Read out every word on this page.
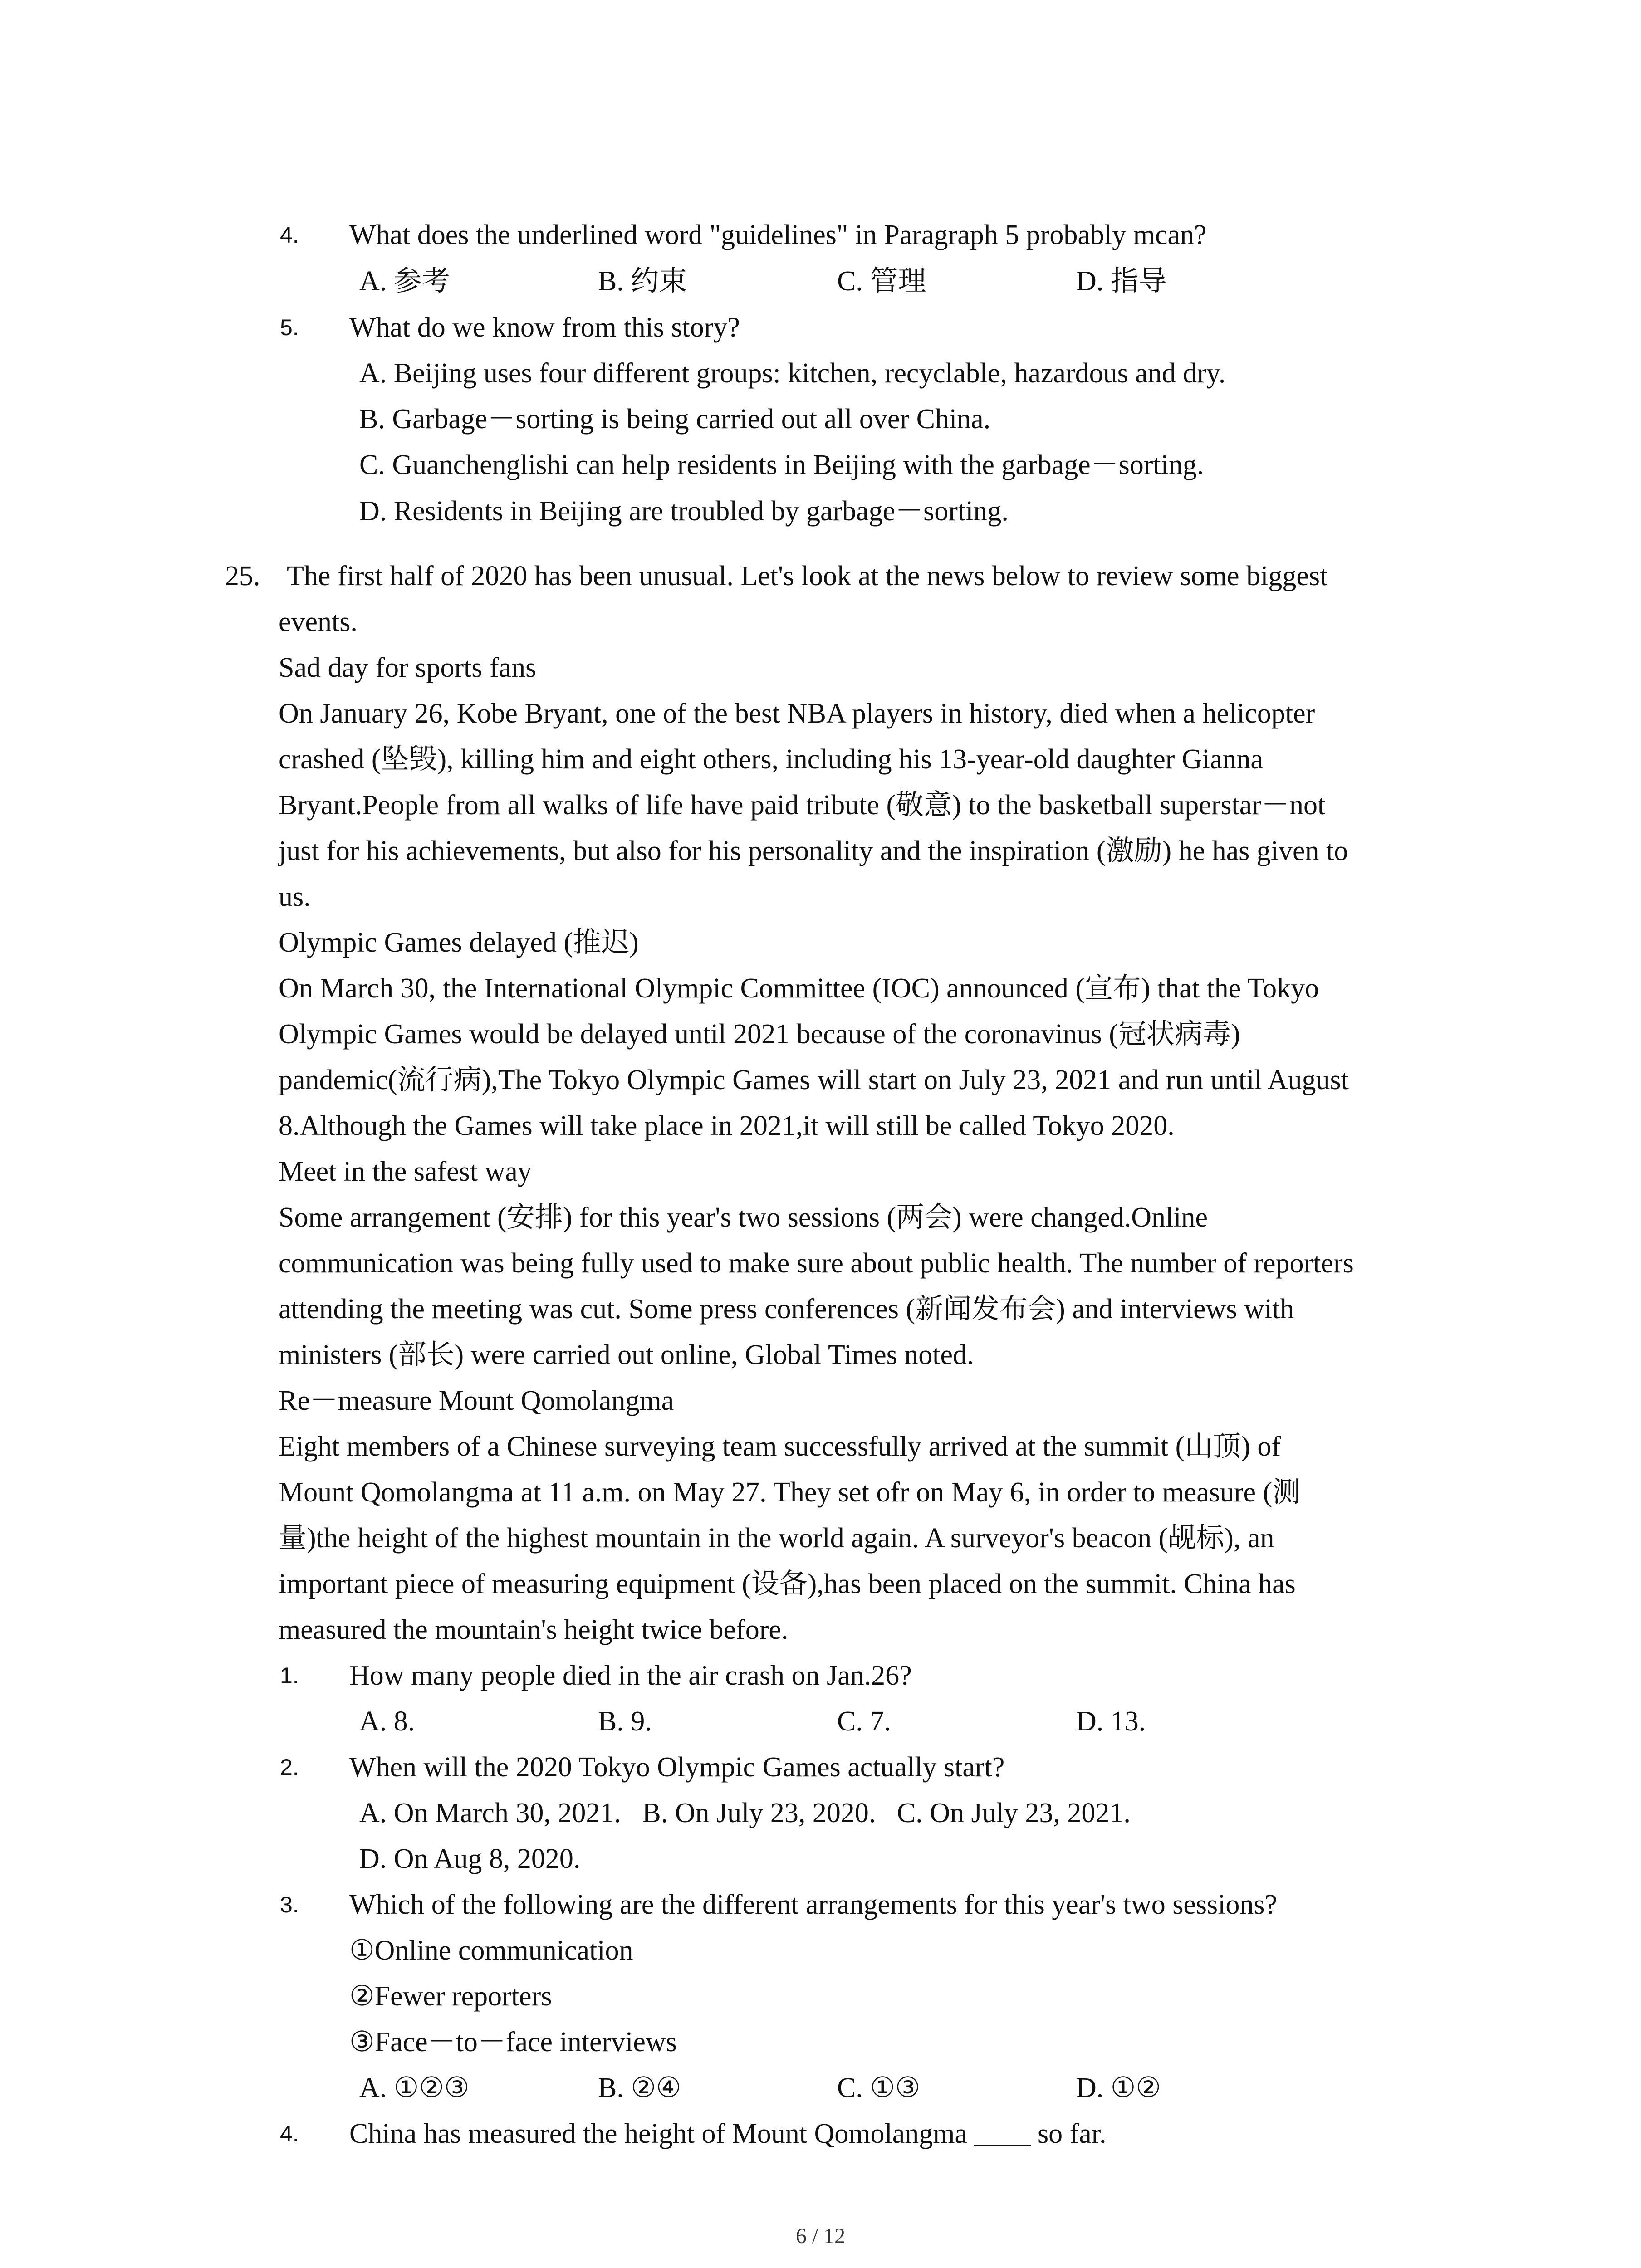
4. What does the underlined word "guidelines" in Paragraph 5 probably mcan?
A. 参考	B. 约束	C. 管理	D. 指导
5. What do we know from this story?
A. Beijing uses four different groups: kitchen, recyclable, hazardous and dry.
B. Garbage－sorting is being carried out all over China.
C. Guanchenglishi can help residents in Beijing with the garbage－sorting.
D. Residents in Beijing are troubled by garbage－sorting.
25. The first half of 2020 has been unusual. Let's look at the news below to review some biggest
events.
Sad day for sports fans
On January 26, Kobe Bryant, one of the best NBA players in history, died when a helicopter
crashed (坠毁), killing him and eight others, including his 13-year-old daughter Gianna
Bryant.People from all walks of life have paid tribute (敬意) to the basketball superstar－not
just for his achievements, but also for his personality and the inspiration (激励) he has given to
us.
Olympic Games delayed (推迟)
On March 30, the International Olympic Committee (IOC) announced (宣布) that the Tokyo
Olympic Games would be delayed until 2021 because of the coronavinus (冠状病毒)
pandemic(流行病),The Tokyo Olympic Games will start on July 23, 2021 and run until August
8.Although the Games will take place in 2021,it will still be called Tokyo 2020.
Meet in the safest way
Some arrangement (安排) for this year's two sessions (两会) were changed.Online
communication was being fully used to make sure about public health. The number of reporters
attending the meeting was cut. Some press conferences (新闻发布会) and interviews with
ministers (部长) were carried out online, Global Times noted.
Re－measure Mount Qomolangma
Eight members of a Chinese surveying team successfully arrived at the summit (山顶) of
Mount Qomolangma at 11 a.m. on May 27. They set ofr on May 6, in order to measure (测
量)the height of the highest mountain in the world again. A surveyor's beacon (觇标), an
important piece of measuring equipment (设备),has been placed on the summit. China has
measured the mountain's height twice before.
1. How many people died in the air crash on Jan.26?
A. 8.	B. 9.	C. 7.	D. 13.
2. When will the 2020 Tokyo Olympic Games actually start?
A. On March 30, 2021.   B. On July 23, 2020.   C. On July 23, 2021.
D. On Aug 8, 2020.
3. Which of the following are the different arrangements for this year's two sessions?
①Online communication
②Fewer reporters
③Face－to－face interviews
A. ①②③	B. ②④	C. ①③	D. ①②
4. China has measured the height of Mount Qomolangma ____ so far.
6 / 12
